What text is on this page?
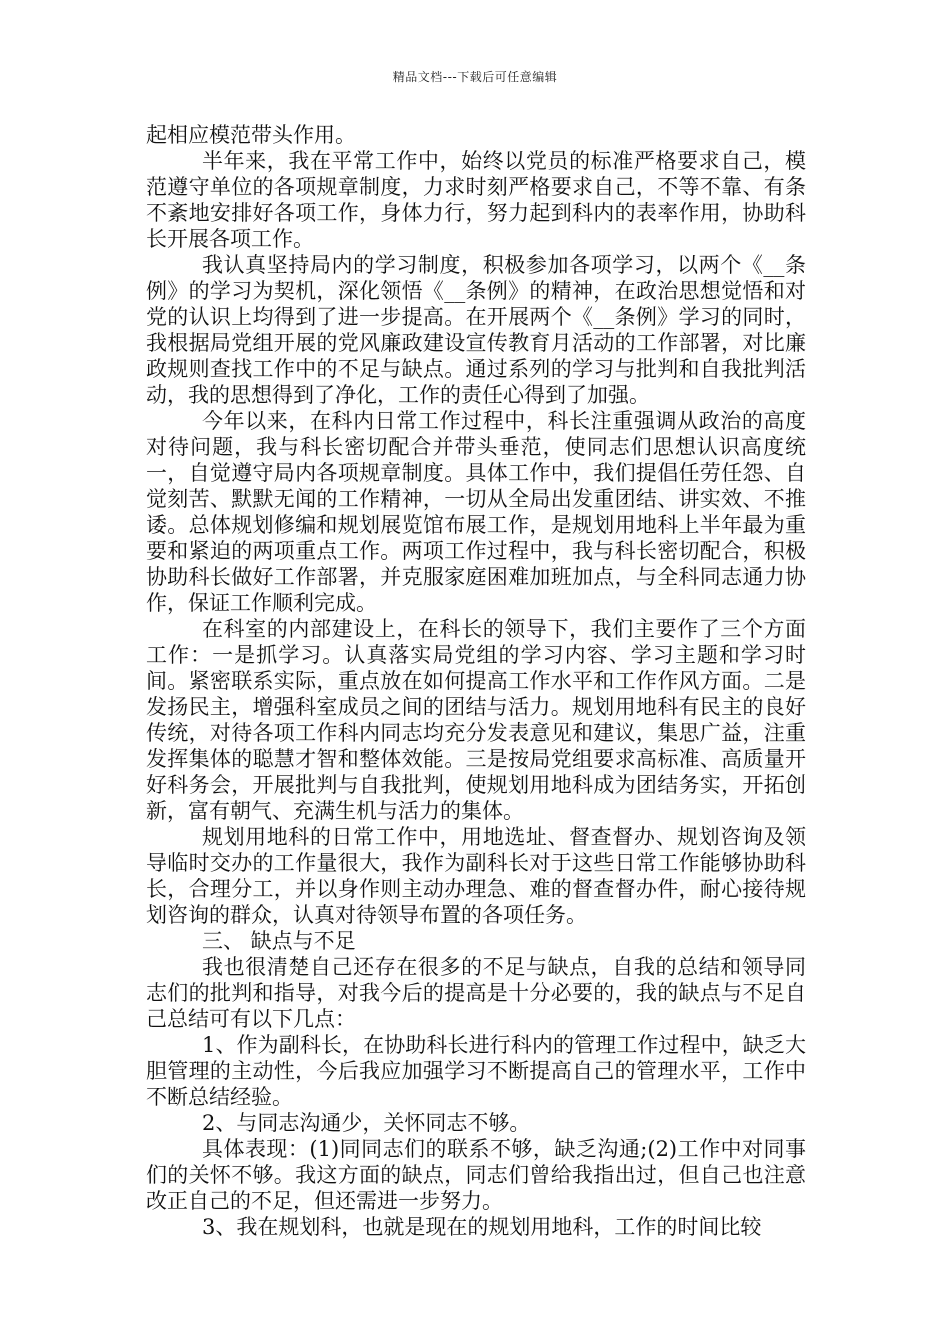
精品文档---下载后可任意编辑

起相应模范带头作用。

半年来，我在平常工作中，始终以党员的标准严格要求自己，模范遵守单位的各项规章制度，力求时刻严格要求自己，不等不靠、有条不紊地安排好各项工作，身体力行，努力起到科内的表率作用，协助科长开展各项工作。

我认真坚持局内的学习制度，积极参加各项学习，以两个《__条例》的学习为契机，深化领悟《__条例》的精神，在政治思想觉悟和对党的认识上均得到了进一步提高。在开展两个《__条例》学习的同时，我根据局党组开展的党风廉政建设宣传教育月活动的工作部署，对比廉政规则查找工作中的不足与缺点。通过系列的学习与批判和自我批判活动，我的思想得到了净化，工作的责任心得到了加强。

今年以来，在科内日常工作过程中，科长注重强调从政治的高度对待问题，我与科长密切配合并带头垂范，使同志们思想认识高度统一，自觉遵守局内各项规章制度。具体工作中，我们提倡任劳任怨、自觉刻苦、默默无闻的工作精神，一切从全局出发重团结、讲实效、不推诿。总体规划修编和规划展览馆布展工作，是规划用地科上半年最为重要和紧迫的两项重点工作。两项工作过程中，我与科长密切配合，积极协助科长做好工作部署，并克服家庭困难加班加点，与全科同志通力协作，保证工作顺利完成。

在科室的内部建设上，在科长的领导下，我们主要作了三个方面工作：一是抓学习。认真落实局党组的学习内容、学习主题和学习时间。紧密联系实际，重点放在如何提高工作水平和工作作风方面。二是发扬民主，增强科室成员之间的团结与活力。规划用地科有民主的良好传统，对待各项工作科内同志均充分发表意见和建议，集思广益，注重发挥集体的聪慧才智和整体效能。三是按局党组要求高标准、高质量开好科务会，开展批判与自我批判，使规划用地科成为团结务实，开拓创新，富有朝气、充满生机与活力的集体。

规划用地科的日常工作中，用地选址、督查督办、规划咨询及领导临时交办的工作量很大，我作为副科长对于这些日常工作能够协助科长，合理分工，并以身作则主动办理急、难的督查督办件，耐心接待规划咨询的群众，认真对待领导布置的各项任务。

三、 缺点与不足

我也很清楚自己还存在很多的不足与缺点，自我的总结和领导同志们的批判和指导，对我今后的提高是十分必要的，我的缺点与不足自己总结可有以下几点：

1、作为副科长，在协助科长进行科内的管理工作过程中，缺乏大胆管理的主动性，今后我应加强学习不断提高自己的管理水平，工作中不断总结经验。

2、与同志沟通少，关怀同志不够。

具体表现：(1)同同志们的联系不够，缺乏沟通;(2)工作中对同事们的关怀不够。我这方面的缺点，同志们曾给我指出过，但自己也注意改正自己的不足，但还需进一步努力。

3、我在规划科，也就是现在的规划用地科，工作的时间比较
